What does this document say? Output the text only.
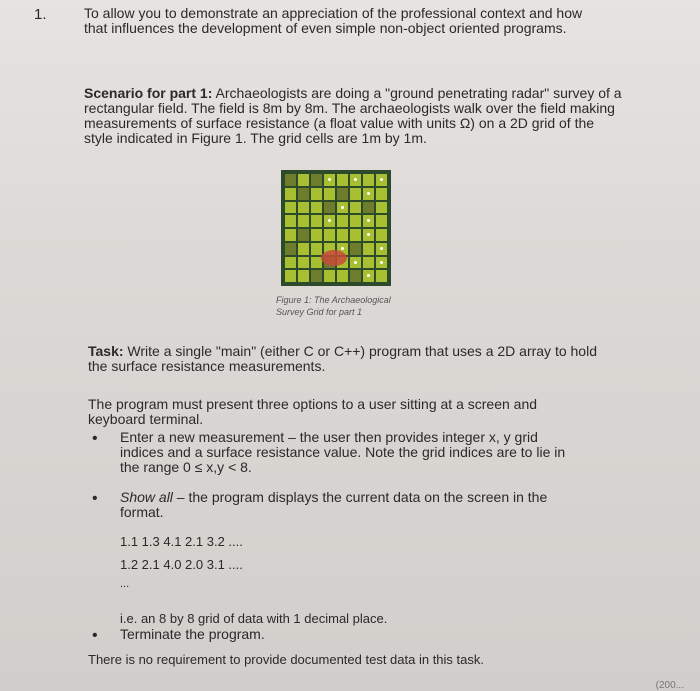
1.	To allow you to demonstrate an appreciation of the professional context and how that influences the development of even simple non-object oriented programs.

Scenario for part 1: Archaeologists are doing a "ground penetrating radar" survey of a rectangular field. The field is 8m by 8m. The archaeologists walk over the field making measurements of surface resistance (a float value with units Ω) on a 2D grid of the style indicated in Figure 1. The grid cells are 1m by 1m.

Figure 1: The Archaeological
Survey Grid for part 1

Task: Write a single "main" (either C or C++) program that uses a 2D array to hold the surface resistance measurements.

The program must present three options to a user sitting at a screen and keyboard terminal.

• Enter a new measurement – the user then provides integer x, y grid indices and a surface resistance value. Note the grid indices are to lie in the range 0 ≤ x,y < 8.

• Show all – the program displays the current data on the screen in the format.

1.1 1.3 4.1 2.1 3.2 ....
1.2 2.1 4.0 2.0 3.1 ....
...

i.e. an 8 by 8 grid of data with 1 decimal place.

• Terminate the program.

There is no requirement to provide documented test data in this task.

(200...
